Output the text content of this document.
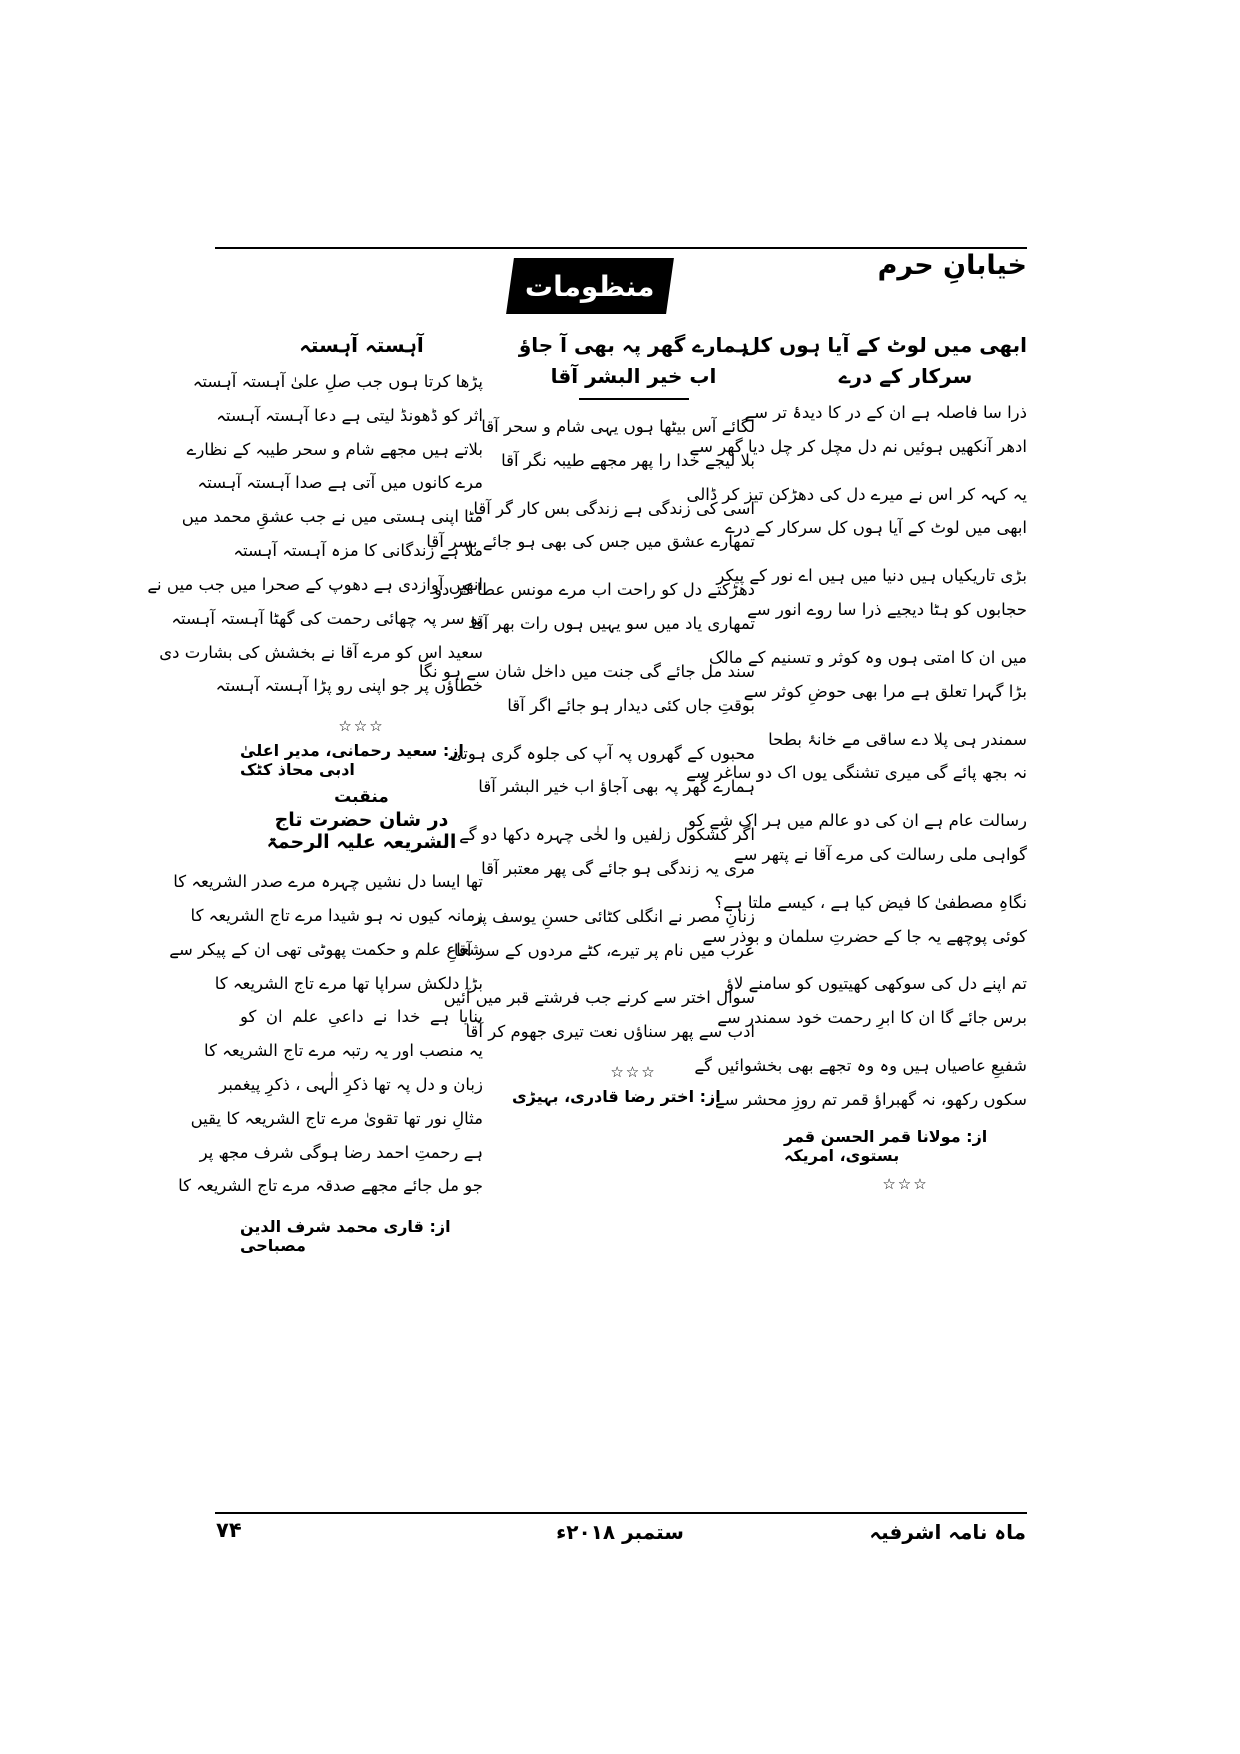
خیابانِ حرم
منظومات
ابھی میں لوٹ کے آیا ہوں کل
سرکار کے درے
ذرا سا فاصلہ ہے ان کے در کا دیدۂ تر سے
ادھر آنکھیں ہوئیں نم دل مچل کر چل دیا گھر سے
یہ کہہ کر اس نے میرے دل کی دھڑکن تیز کر ڈالی
ابھی میں لوٹ کے آیا ہوں کل سرکار کے درے
بڑی تاریکیاں ہیں دنیا میں ہیں اے نور کے پیکر
حجابوں کو ہٹا دیجیے ذرا سا روے انور سے
میں ان کا امتی ہوں وہ کوثر و تسنیم کے مالک
بڑا گہرا تعلق ہے مرا بھی حوضِ کوثر سے
سمندر ہی پلا دے ساقی مے خانۂ بطحا
نہ بجھ پائے گی میری تشنگی یوں اک دو ساغر سے
رسالت عام ہے ان کی دو عالم میں ہر اک شے کو
گواہی ملی رسالت کی مرے آقا نے پتھر سے
نگاہِ مصطفیٰ کا فیض کیا ہے ، کیسے ملتا ہے؟
کوئی پوچھے یہ جا کے حضرتِ سلمان و بوذر سے
تم اپنے دل کی سوکھی کھیتیوں کو سامنے لاؤ
برس جائے گا ان کا ابرِ رحمت خود سمندر سے
شفیعِ عاصیاں ہیں وہ وہ تجھے بھی بخشوائیں گے
سکوں رکھو، نہ گھبراؤ قمر تم روزِ محشر سے
از: مولانا قمر الحسن قمر بستوی، امریکہ
☆☆☆
ہمارے گھر پہ بھی آ جاؤ اب خیر البشر آقا
لگائے آس بیٹھا ہوں یہی شام و سحر آقا
بلا لیجے خدا را پھر مجھے طیبہ نگر آقا
اسی کی زندگی ہے زندگی بس کار گر آقا
تمھارے عشق میں جس کی بھی ہو جائے بسر آقا
دھڑکتے دل کو راحت اب مرے مونس عطا کر دو
تمھاری یاد میں سو یہیں ہوں رات بھر آقا
سند مل جائے گی جنت میں داخل شان سے ہو نگا
بوقتِ جاں کئی دیدار ہو جائے اگر آقا
محبوں کے گھروں پہ آپ کی جلوہ گری ہوتی
ہمارے گھر پہ بھی آجاؤ اب خیر البشر آقا
اگر کشکول زلفیں وا لخٰی چہرہ دکھا دو گے
مری یہ زندگی ہو جائے گی پھر معتبر آقا
زنانِ مصر نے انگلی کٹائی حسنِ یوسف پر
عرب میں نام پر تیرے، کٹے مردوں کے سر آقا
سوال اختر سے کرنے جب فرشتے قبر میں آئیں
ادب سے پھر سناؤں نعت تیری جھوم کر آقا
☆☆☆
از: اختر رضا قادری، بہیڑی
آہستہ آہستہ
پڑھا کرتا ہوں جب صلِ علیٰ آہستہ آہستہ
اثر کو ڈھونڈ لیتی ہے دعا آہستہ آہستہ
بلاتے ہیں مجھے شام و سحر طیبہ کے نظارے
مرے کانوں میں آتی ہے صدا آہستہ آہستہ
مٹا اپنی ہستی میں نے جب عشقِ محمد میں
ملا ہے زندگانی کا مزہ آہستہ آہستہ
انھیں آوازدی ہے دھوپ کے صحرا میں جب میں نے
تو سر پہ چھائی رحمت کی گھٹا آہستہ آہستہ
سعید اس کو مرے آقا نے بخشش کی بشارت دی
خطاؤں پر جو اپنی رو پڑا آہستہ آہستہ
☆☆☆
از: سعید رحمانی، مدیر اعلیٰ ادبی محاذ کٹک
منقبت
در شان حضرت تاج الشریعہ علیہ الرحمۃ
تھا ایسا دل نشیں چہرہ مرے صدر الشریعہ کا
زمانہ کیوں نہ ہو شیدا مرے تاج الشریعہ کا
شعاعِ علم و حکمت پھوٹی تھی ان کے پیکر سے
بڑا دلکش سراپا تھا مرے تاج الشریعہ کا
بنایا ہے خدا نے داعیِ علم ان کو
یہ منصب اور یہ رتبہ مرے تاج الشریعہ کا
زبان و دل پہ تھا ذکرِ الٰہی ، ذکرِ پیغمبر
مثالِ نور تھا تقویٰ مرے تاج الشریعہ کا یقیں
ہے رحمتِ احمد رضا ہوگی شرف مجھ پر
جو مل جائے مجھے صدقہ مرے تاج الشریعہ کا
از: قاری محمد شرف الدین مصباحی
۷۴	ستمبر ۲۰۱۸ء	ماہ نامہ اشرفیہ
